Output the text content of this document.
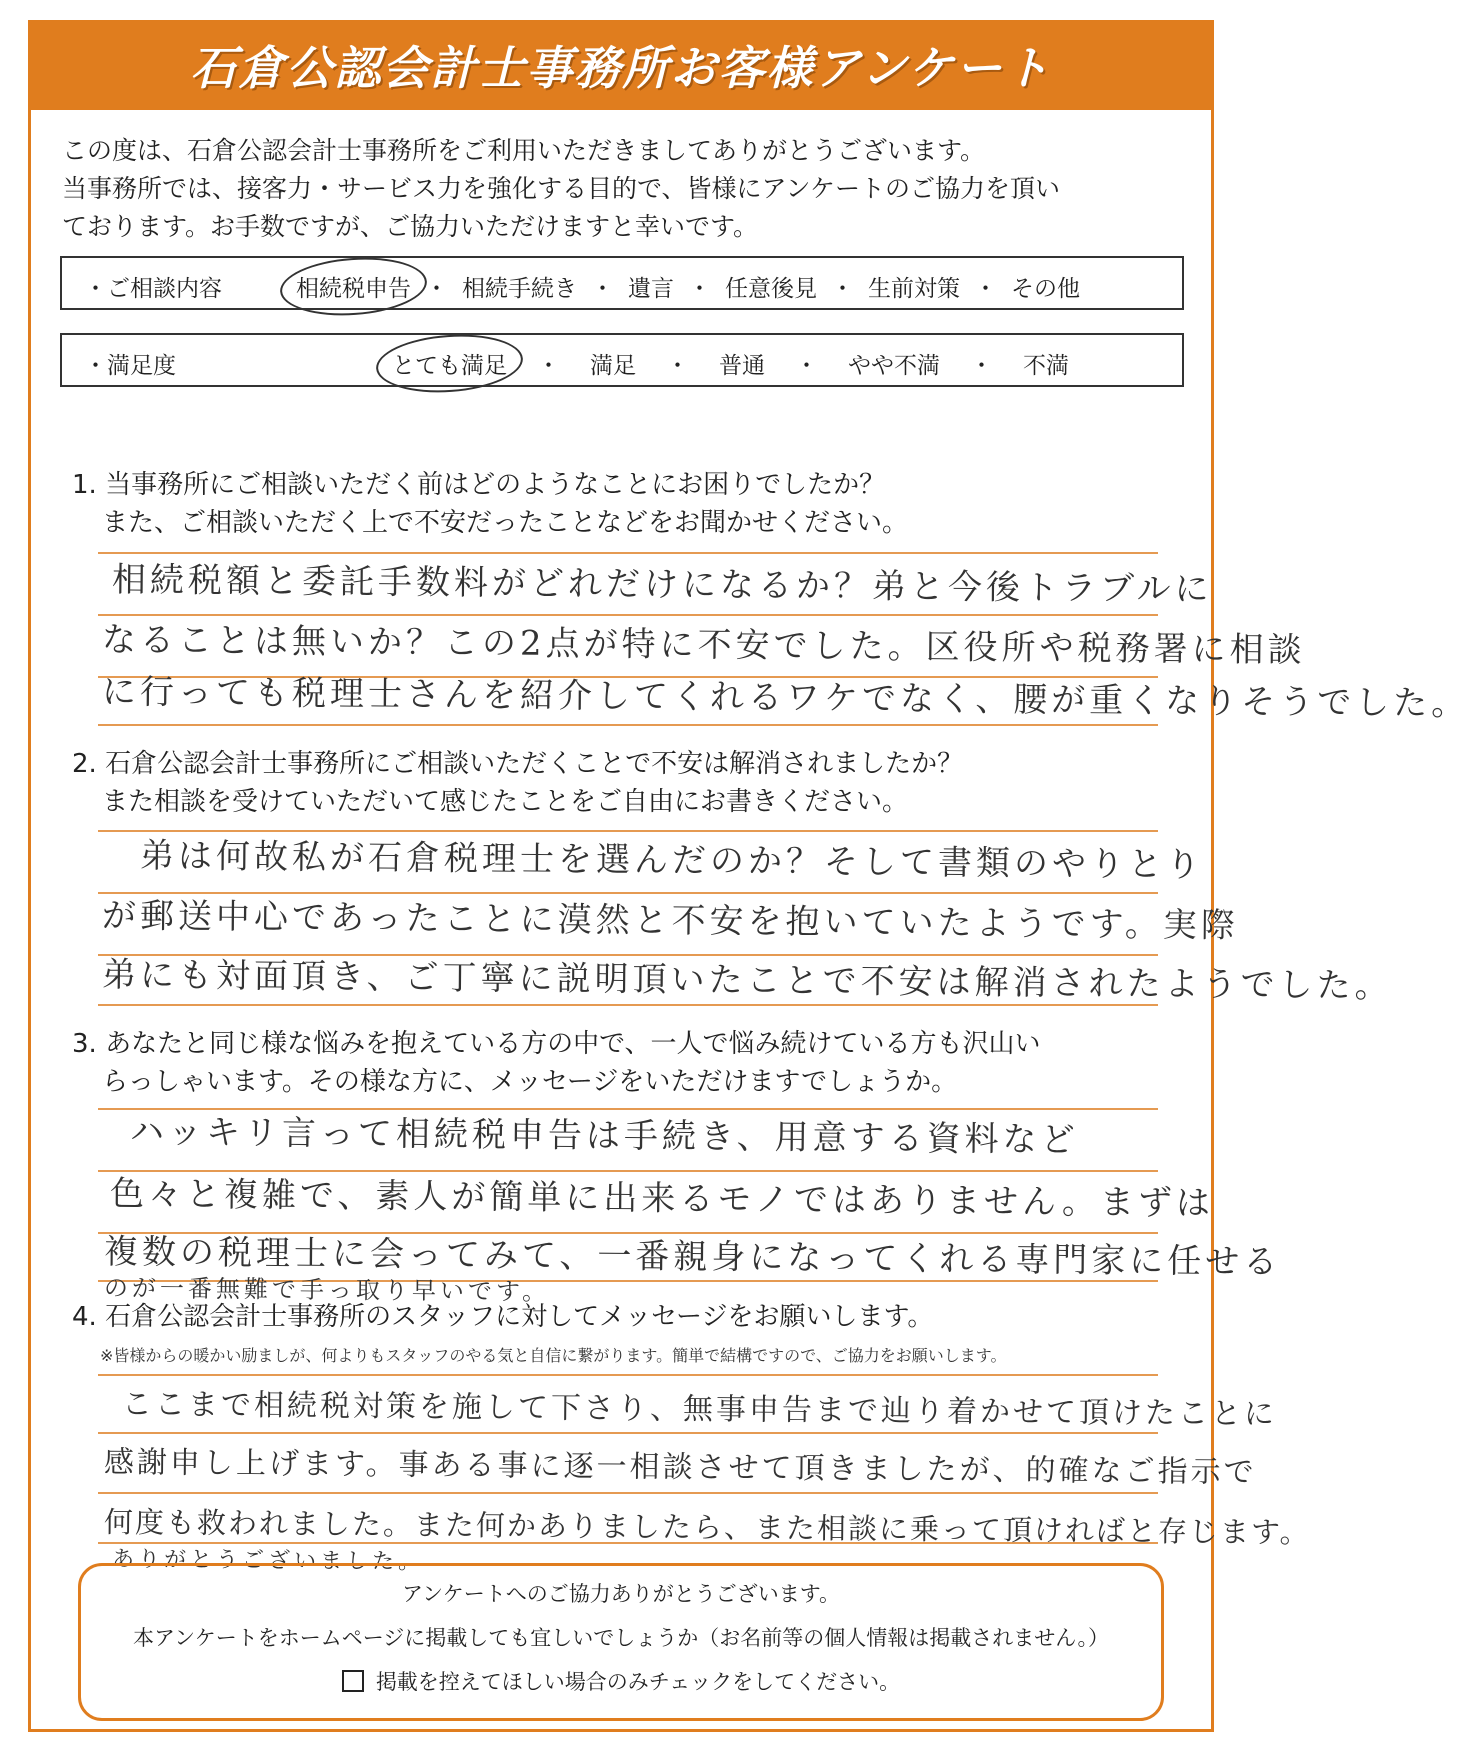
石倉公認会計士事務所お客様アンケート
この度は、石倉公認会計士事務所をご利用いただきましてありがとうございます。
当事務所では、接客力・サービス力を強化する目的で、皆様にアンケートのご協力を頂い
ております。お手数ですが、ご協力いただけますと幸いです。
・ご相談内容	相続税申告 ・ 相続手続き ・ 遺言 ・ 任意後見 ・ 生前対策 ・ その他
・満足度	とても満足 ・ 満足 ・ 普通 ・ やや不満 ・ 不満
1. 当事務所にご相談いただく前はどのようなことにお困りでしたか？
また、ご相談いただく上で不安だったことなどをお聞かせください。
相続税額と委託手数料がどれだけになるか？弟と今後トラブルに
なることは無いか？この2点が特に不安でした。区役所や税務署に相談
に行っても税理士さんを紹介してくれるワケでなく、腰が重くなりそうでした。
2. 石倉公認会計士事務所にご相談いただくことで不安は解消されましたか？
また相談を受けていただいて感じたことをご自由にお書きください。
弟は何故私が石倉税理士を選んだのか？そして書類のやりとり
が郵送中心であったことに漠然と不安を抱いていたようです。実際
弟にも対面頂き、ご丁寧に説明頂いたことで不安は解消されたようでした。
3. あなたと同じ様な悩みを抱えている方の中で、一人で悩み続けている方も沢山い
らっしゃいます。その様な方に、メッセージをいただけますでしょうか。
ハッキリ言って相続税申告は手続き、用意する資料など
色々と複雑で、素人が簡単に出来るモノではありません。まずは
複数の税理士に会ってみて、一番親身になってくれる専門家に任せる
のが一番無難で手っ取り早いです。
4. 石倉公認会計士事務所のスタッフに対してメッセージをお願いします。
※皆様からの暖かい励ましが、何よりもスタッフのやる気と自信に繋がります。簡単で結構ですので、ご協力をお願いします。
ここまで相続税対策を施して下さり、無事申告まで辿り着かせて頂けたことに
感謝申し上げます。事ある事に逐一相談させて頂きましたが、的確なご指示で
何度も救われました。また何かありましたら、また相談に乗って頂ければと存じます。
ありがとうございました。
アンケートへのご協力ありがとうございます。
本アンケートをホームページに掲載しても宜しいでしょうか（お名前等の個人情報は掲載されません。）
掲載を控えてほしい場合のみチェックをしてください。
